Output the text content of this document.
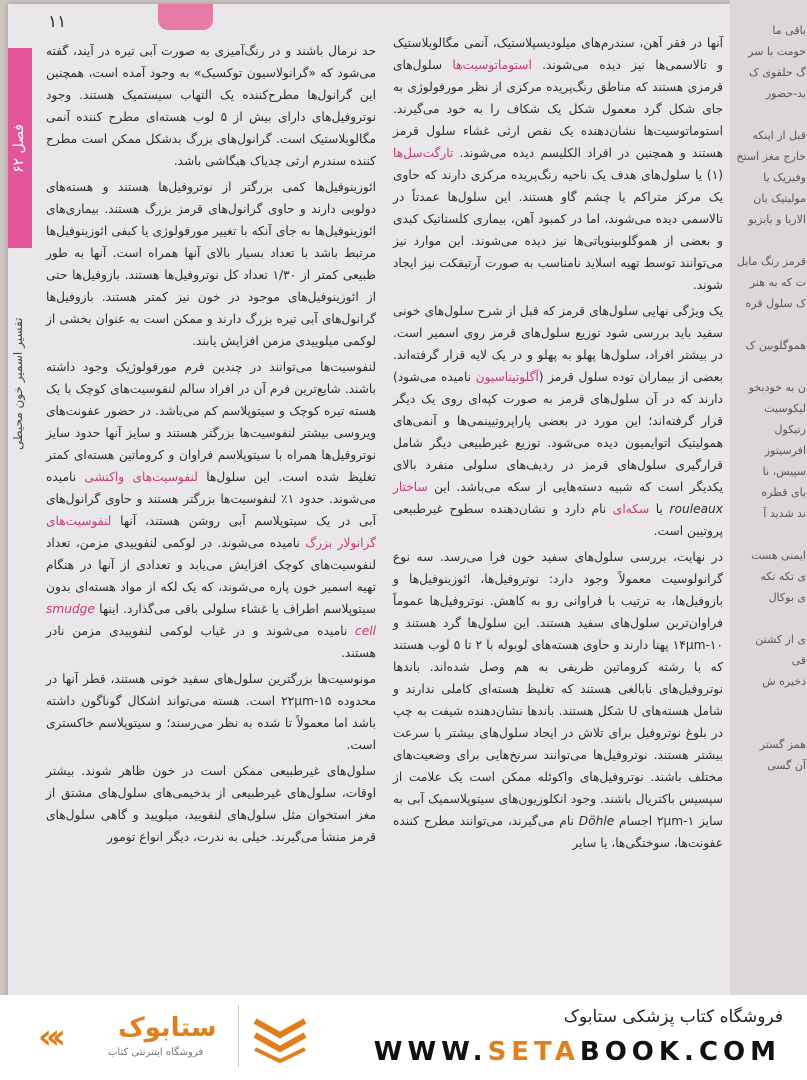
۱۱
فصل ۶۲
تفسیر اسمیر خون محیطی

آنها در فقر آهن، سندرم‌های میلودیسپلاستیک، آنمی مگالوبلاستیک و تالاسمی‌ها نیز دیده می‌شوند. استوماتوسیت‌ها سلول‌های قرمزی هستند که مناطق رنگ‌پریده مرکزی از نظر مورفولوژی به جای شکل گرد معمول شکل یک شکاف را به خود می‌گیرند. استوماتوسیت‌ها نشان‌دهنده یک نقص ارثی غشاء سلول قرمز هستند و همچنین در افراد الکلیسم دیده می‌شوند. تارگت‌سل‌ها (۱) یا سلول‌های هدف یک ناحیه رنگ‌پریده مرکزی دارند که حاوی یک مرکز متراکم یا چشم گاو هستند. این سلول‌ها عمدتاً در تالاسمی دیده می‌شوند، اما در کمبود آهن، بیماری کلستاتیک کبدی و بعضی از هموگلوبینوپاتی‌ها نیز دیده می‌شوند. این موارد نیز می‌توانند توسط تهیه اسلاید نامناسب به صورت آرتیفکت نیز ایجاد شوند.

یک ویژگی نهایی سلول‌های قرمز که قبل از شرح سلول‌های خونی سفید باید بررسی شود توزیع سلول‌های قرمز روی اسمیر است. در بیشتر افراد، سلول‌ها پهلو به پهلو و در یک لایه قرار گرفته‌اند. بعضی از بیماران توده سلول قرمز (آگلوتیناسیون نامیده می‌شود) دارند که در آن سلول‌های قرمز به صورت کپه‌ای روی یک دیگر قرار گرفته‌اند؛ این مورد در بعضی پاراپروتیینمی‌ها و آنمی‌های همولیتیک اتوایمیون دیده می‌شود. توزیع غیرطبیعی دیگر شامل قرارگیری سلول‌های قرمز در ردیف‌های سلولی منفرد بالای یکدیگر است که شبیه دسته‌هایی از سکه می‌باشد. این ساختار rouleaux یا سکه‌ای نام دارد و نشان‌دهنده سطوح غیرطبیعی پروتیین است.

در نهایت، بررسی سلول‌های سفید خون فرا می‌رسد. سه نوع گرانولوسیت معمولاً وجود دارد: نوتروفیل‌ها، ائوزینوفیل‌ها و بازوفیل‌ها، به ترتیب با فراوانی رو به کاهش. نوتروفیل‌ها عموماً فراوان‌ترین سلول‌های سفید هستند. این سلول‌ها گرد هستند و ۱۰-۱۴μm پهنا دارند و حاوی هسته‌های لوبوله با ۲ تا ۵ لوب هستند که با رشته کروماتین ظریفی به هم وصل شده‌اند. باندها نوتروفیل‌های نابالغی هستند که تغلیظ هسته‌ای کاملی ندارند و شامل هسته‌های U شکل هستند. باندها نشان‌دهنده شیفت به چپ در بلوغ نوتروفیل برای تلاش در ایجاد سلول‌های بیشتر با سرعت بیشتر هستند. نوتروفیل‌ها می‌توانند سرنخ‌هایی برای وضعیت‌های مختلف باشند. نوتروفیل‌های واکوئله ممکن است یک علامت از سپسیس باکتریال باشند. وجود انکلوزیون‌های سیتوپلاسمیک آبی به سایز ۱-۲μm اجسام Döhle نام می‌گیرند، می‌توانند مطرح کننده عفونت‌ها، سوختگی‌ها، یا سایر

حد نرمال باشند و در رنگ‌آمیزی به صورت آبی تیره در آیند، گفته می‌شود که «گرانولاسیون توکسیک» به وجود آمده است، همچنین این گرانول‌ها مطرح‌کننده یک التهاب سیستمیک هستند. وجود نوتروفیل‌های دارای بیش از ۵ لوب هسته‌ای مطرح کننده آنمی مگالوبلاستیک است. گرانول‌های بزرگ بدشکل ممکن است مطرح کننده سندرم ارثی چدیاک هیگاشی باشد.

ائوزینوفیل‌ها کمی بزرگتر از نوتروفیل‌ها هستند و هسته‌های دولوبی دارند و حاوی گرانول‌های قرمز بزرگ هستند. بیماری‌های ائوزینوفیل‌ها به جای آنکه با تغییر مورفولوژی یا کیفی ائوزینوفیل‌ها مرتبط باشد با تعداد بسیار بالای آنها همراه است. آنها به طور طبیعی کمتر از ۱/۳۰ تعداد کل نوتروفیل‌ها هستند. بازوفیل‌ها حتی از ائوزینوفیل‌های موجود در خون نیز کمتر هستند. بازوفیل‌ها گرانول‌های آبی تیره بزرگ دارند و ممکن است به عنوان بخشی از لوکمی میلوییدی مزمن افزایش یابند.

لنفوسیت‌ها می‌توانند در چندین فرم مورفولوژیک وجود داشته باشند. شایع‌ترین فرم آن در افراد سالم لنفوسیت‌های کوچک با یک هسته تیره کوچک و سیتوپلاسم کم می‌باشد. در حضور عفونت‌های ویروسی بیشتر لنفوسیت‌ها بزرگتر هستند و سایز آنها حدود سایز نوتروفیل‌ها همراه با سیتوپلاسم فراوان و کروماتین هسته‌ای کمتر تغلیظ شده است. این سلول‌ها لنفوسیت‌های واکنشی نامیده می‌شوند. حدود ۱٪ لنفوسیت‌ها بزرگتر هستند و حاوی گرانول‌های آبی در یک سیتوپلاسم آبی روشن هستند، آنها لنفوسیت‌های گرانولار بزرگ نامیده می‌شوند. در لوکمی لنفوییدی مزمن، تعداد لنفوسیت‌های کوچک افزایش می‌یابد و تعدادی از آنها در هنگام تهیه اسمیر خون پاره می‌شوند، که یک لکه از مواد هسته‌ای بدون سیتوپلاسم اطراف یا غشاء سلولی باقی می‌گذارد. اینها smudge cell نامیده می‌شوند و در غیاب لوکمی لنفوییدی مزمن نادر هستند.

مونوسیت‌ها بزرگترین سلول‌های سفید خونی هستند، قطر آنها در محدوده ۱۵-۲۲μm است. هسته می‌تواند اشکال گوناگون داشته باشد اما معمولاً تا شده به نظر می‌رسند؛ و سیتوپلاسم خاکستری است.

سلول‌های غیرطبیعی ممکن است در خون ظاهر شوند. بیشتر اوقات، سلول‌های غیرطبیعی از بدخیمی‌های سلول‌های مشتق از مغز استخوان مثل سلول‌های لنفویید، میلویید و گاهی سلول‌های قرمز منشأ می‌گیرند. خیلی به ندرت، دیگر انواع تومور

باقی ما
حومت با سر
گ حلقوی ک
بد-حضور

قبل از اینکه
خارج مغز استخ
وفیزیک یا
مولیتیک بان
الاریا و بابزیو

قرمز رنگ مایل
ت که به هنر
ک سلول قره

هموگلوبین ک

ن به خودبخو
لیکوسیت
رتیکول
افرسیتوز
سپیس، نا
یای قطره
ند شدید آ

ایمنی هست
ی تکه تکه
ی بوکال

ی از کشتن
قی
ذخیره ش

همز گستر
آن گسی
«‹ ستابوک
فروشگاه اینترنتی کتاب
فروشگاه کتاب پزشکی ستابوک
WWW.SETABOOK.COM
